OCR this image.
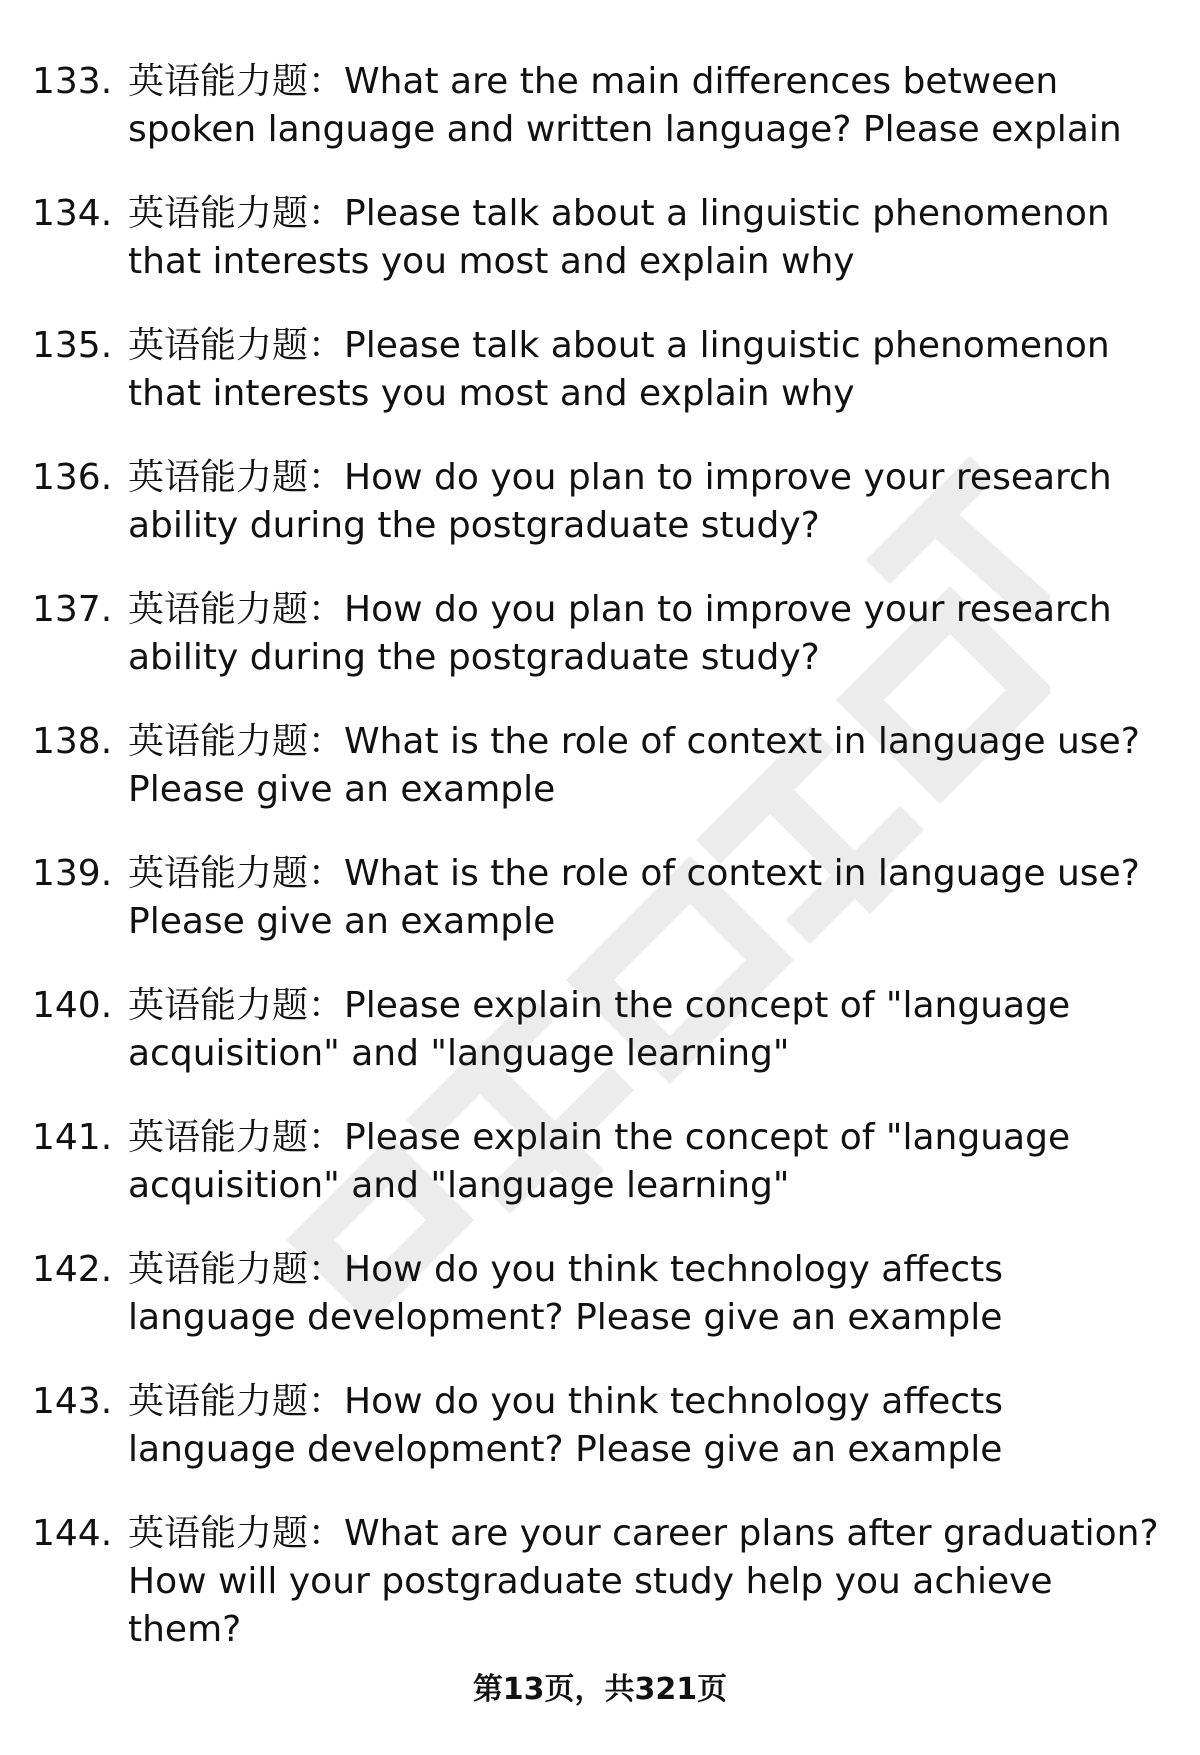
133. 英语能力题：What are the main differences between spoken language and written language? Please explain
134. 英语能力题：Please talk about a linguistic phenomenon that interests you most and explain why
135. 英语能力题：Please talk about a linguistic phenomenon that interests you most and explain why
136. 英语能力题：How do you plan to improve your research ability during the postgraduate study?
137. 英语能力题：How do you plan to improve your research ability during the postgraduate study?
138. 英语能力题：What is the role of context in language use? Please give an example
139. 英语能力题：What is the role of context in language use? Please give an example
140. 英语能力题：Please explain the concept of "language acquisition" and "language learning"
141. 英语能力题：Please explain the concept of "language acquisition" and "language learning"
142. 英语能力题：How do you think technology affects language development? Please give an example
143. 英语能力题：How do you think technology affects language development? Please give an example
144. 英语能力题：What are your career plans after graduation? How will your postgraduate study help you achieve them?
第13页，共321页
